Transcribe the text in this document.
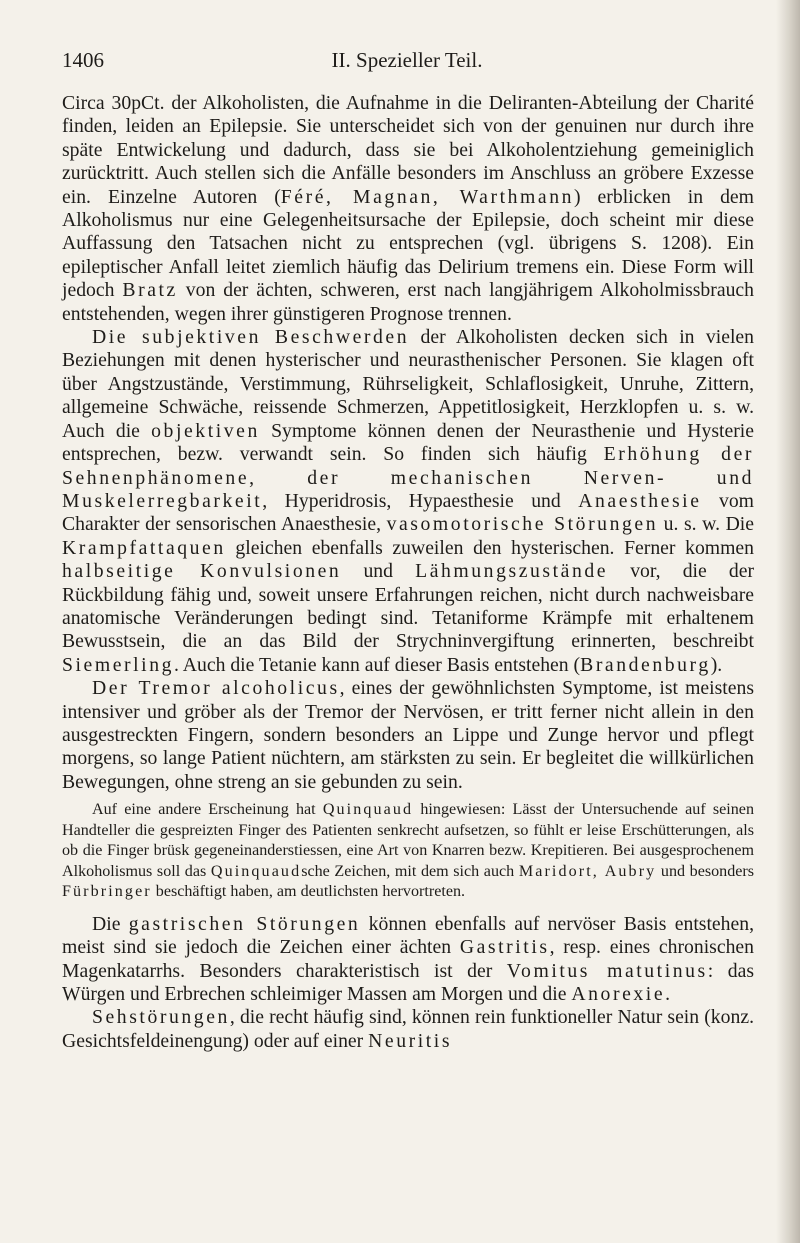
1406	II. Spezieller Teil.

Circa 30pCt. der Alkoholisten, die Aufnahme in die Deliranten-Abteilung der Charité finden, leiden an Epilepsie. Sie unterscheidet sich von der genuinen nur durch ihre späte Entwickelung und dadurch, dass sie bei Alkoholentziehung gemeiniglich zurücktritt. Auch stellen sich die Anfälle besonders im Anschluss an gröbere Exzesse ein. Einzelne Autoren (Féré, Magnan, Warthmann) erblicken in dem Alkoholismus nur eine Gelegenheitsursache der Epilepsie, doch scheint mir diese Auffassung den Tatsachen nicht zu entsprechen (vgl. übrigens S. 1208). Ein epileptischer Anfall leitet ziemlich häufig das Delirium tremens ein. Diese Form will jedoch Bratz von der ächten, schweren, erst nach langjährigem Alkoholmissbrauch entstehenden, wegen ihrer günstigeren Prognose trennen.

Die subjektiven Beschwerden der Alkoholisten decken sich in vielen Beziehungen mit denen hysterischer und neurasthenischer Personen. Sie klagen oft über Angstzustände, Verstimmung, Rührseligkeit, Schlaflosigkeit, Unruhe, Zittern, allgemeine Schwäche, reissende Schmerzen, Appetitlosigkeit, Herzklopfen u. s. w. Auch die objektiven Symptome können denen der Neurasthenie und Hysterie entsprechen, bezw. verwandt sein. So finden sich häufig Erhöhung der Sehnenphänomene, der mechanischen Nerven- und Muskelerregbarkeit, Hyperidrosis, Hypaesthesie und Anaesthesie vom Charakter der sensorischen Anaesthesie, vasomotorische Störungen u. s. w. Die Krampfattaquen gleichen ebenfalls zuweilen den hysterischen. Ferner kommen halbseitige Konvulsionen und Lähmungszustände vor, die der Rückbildung fähig und, soweit unsere Erfahrungen reichen, nicht durch nachweisbare anatomische Veränderungen bedingt sind. Tetaniforme Krämpfe mit erhaltenem Bewusstsein, die an das Bild der Strychninvergiftung erinnerten, beschreibt Siemerling. Auch die Tetanie kann auf dieser Basis entstehen (Brandenburg).

Der Tremor alcoholicus, eines der gewöhnlichsten Symptome, ist meistens intensiver und gröber als der Tremor der Nervösen, er tritt ferner nicht allein in den ausgestreckten Fingern, sondern besonders an Lippe und Zunge hervor und pflegt morgens, so lange Patient nüchtern, am stärksten zu sein. Er begleitet die willkürlichen Bewegungen, ohne streng an sie gebunden zu sein.

Auf eine andere Erscheinung hat Quinquaud hingewiesen: Lässt der Untersuchende auf seinen Handteller die gespreizten Finger des Patienten senkrecht aufsetzen, so fühlt er leise Erschütterungen, als ob die Finger brüsk gegeneinanderstiessen, eine Art von Knarren bezw. Krepitieren. Bei ausgesprochenem Alkoholismus soll das Quinquaudsche Zeichen, mit dem sich auch Maridort, Aubry und besonders Fürbringer beschäftigt haben, am deutlichsten hervortreten.

Die gastrischen Störungen können ebenfalls auf nervöser Basis entstehen, meist sind sie jedoch die Zeichen einer ächten Gastritis, resp. eines chronischen Magenkatarrhs. Besonders charakteristisch ist der Vomitus matutinus: das Würgen und Erbrechen schleimiger Massen am Morgen und die Anorexie.

Sehstörungen, die recht häufig sind, können rein funktioneller Natur sein (konz. Gesichtsfeldeinengung) oder auf einer Neuritis
